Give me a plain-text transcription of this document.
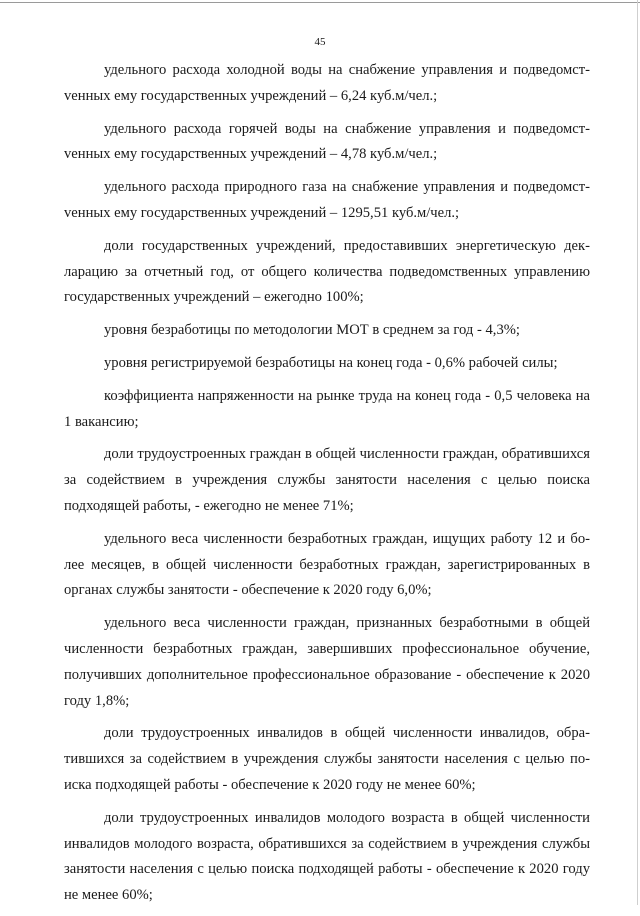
45

удельного расхода холодной воды на снабжение управления и подведомстvенных ему государственных учреждений – 6,24 куб.м/чел.;

удельного расхода горячей воды на снабжение управления и подведомстvенных ему государственных учреждений – 4,78 куб.м/чел.;

удельного расхода природного газа на снабжение управления и подведомстvенных ему государственных учреждений – 1295,51 куб.м/чел.;

доли государственных учреждений, предоставивших энергетическую декларацию за отчетный год, от общего количества подведомственных управлению государственных учреждений – ежегодно 100%;

уровня безработицы по методологии МОТ в среднем за год - 4,3%;

уровня регистрируемой безработицы на конец года - 0,6% рабочей силы;

коэффициента напряженности на рынке труда на конец года - 0,5 человека на 1 вакансию;

доли трудоустроенных граждан в общей численности граждан, обратившихся за содействием в учреждения службы занятости населения с целью поиска подходящей работы, - ежегодно не менее 71%;

удельного веса численности безработных граждан, ищущих работу 12 и более месяцев, в общей численности безработных граждан, зарегистрированных в органах службы занятости - обеспечение к 2020 году 6,0%;

удельного веса численности граждан, признанных безработными в общей численности безработных граждан, завершивших профессиональное обучение, получивших дополнительное профессиональное образование - обеспечение к 2020 году 1,8%;

доли трудоустроенных инвалидов в общей численности инвалидов, обратившихся за содействием в учреждения службы занятости населения с целью поиска подходящей работы - обеспечение к 2020 году не менее 60%;

доли трудоустроенных инвалидов молодого возраста в общей численности инвалидов молодого возраста, обратившихся за содействием в учреждения службы занятости населения с целью поиска подходящей работы - обеспечение к 2020 году не менее 60%;
